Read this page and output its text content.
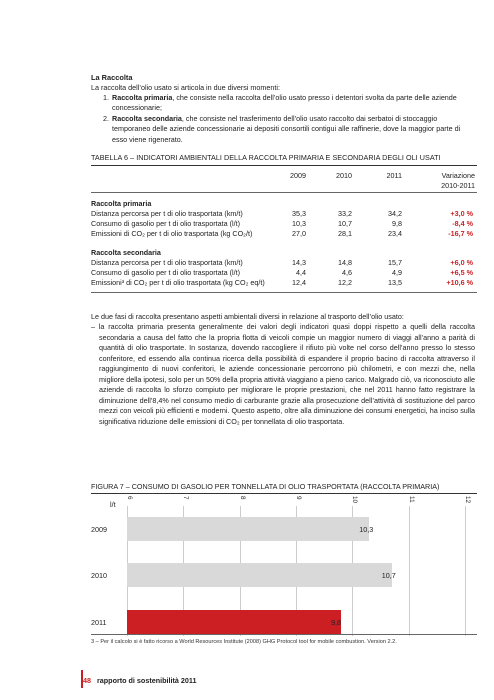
La Raccolta
La raccolta dell’olio usato si articola in due diversi momenti:
1. Raccolta primaria, che consiste nella raccolta dell’olio usato presso i detentori svolta da parte delle aziende concessionarie;
2. Raccolta secondaria, che consiste nel trasferimento dell’olio usato raccolto dai serbatoi di stoccaggio temporaneo delle aziende concessionarie ai depositi consortili contigui alle raffinerie, dove la maggior parte di esso viene rigenerato.
TABELLA 6 – INDICATORI AMBIENTALI DELLA RACCOLTA PRIMARIA E SECONDARIA DEGLI OLI USATI
2009	2010	2011	Variazione
2010-2011
Raccolta primaria
Distanza percorsa per t di olio trasportata (km/t)	35,3	33,2	34,2	+3,0 %
Consumo di gasolio per t di olio trasportata (l/t)	10,3	10,7	9,8	-8,4 %
Emissioni di CO₂ per t di olio trasportata (kg CO₂/t)	27,0	28,1	23,4	-16,7 %
Raccolta secondaria
Distanza percorsa per t di olio trasportata (km/t)	14,3	14,8	15,7	+6,0 %
Consumo di gasolio per t di olio trasportata (l/t)	4,4	4,6	4,9	+6,5 %
Emissioni³ di CO₂ per t di olio trasportata (kg CO₂ eq/t)	12,4	12,2	13,5	+10,6 %
Le due fasi di raccolta presentano aspetti ambientali diversi in relazione al trasporto dell’olio usato:
– la raccolta primaria presenta generalmente dei valori degli indicatori quasi doppi rispetto a quelli della raccolta secondaria a causa del fatto che la propria flotta di veicoli compie un maggior numero di viaggi all’anno a parità di quantità di olio trasportate. In sostanza, dovendo raccogliere il rifiuto più volte nel corso dell’anno presso lo stesso conferitore, ed essendo alla continua ricerca della possibilità di espandere il proprio bacino di raccolta attraverso il raggiungimento di nuovi conferitori, le aziende concessionarie percorrono più chilometri, e con mezzi che, nella migliore della ipotesi, solo per un 50% della propria attività viaggiano a pieno carico. Malgrado ciò, va riconosciuto alle aziende di raccolta lo sforzo compiuto per migliorare le proprie prestazioni, che nel 2011 hanno fatto registrare la diminuzione dell’8,4% nel consumo medio di carburante grazie alla prosecuzione dell’attività di sostituzione del parco mezzi con veicoli più efficienti e moderni. Questo aspetto, oltre alla diminuzione dei consumi energetici, ha inciso sulla significativa riduzione delle emissioni di CO₂ per tonnellata di olio trasportata.
FIGURA 7 – CONSUMO DI GASOLIO PER TONNELLATA DI OLIO TRASPORTATA (RACCOLTA PRIMARIA)
l/t
6	7	8	9	10	11	12
2009	10,3
2010	10,7
2011	9,8
3 – Per il calcolo si è fatto ricorso a World Resources Institute (2008) GHG Protocol tool for mobile combustion. Version 2.2.
48 rapporto di sostenibilità 2011
